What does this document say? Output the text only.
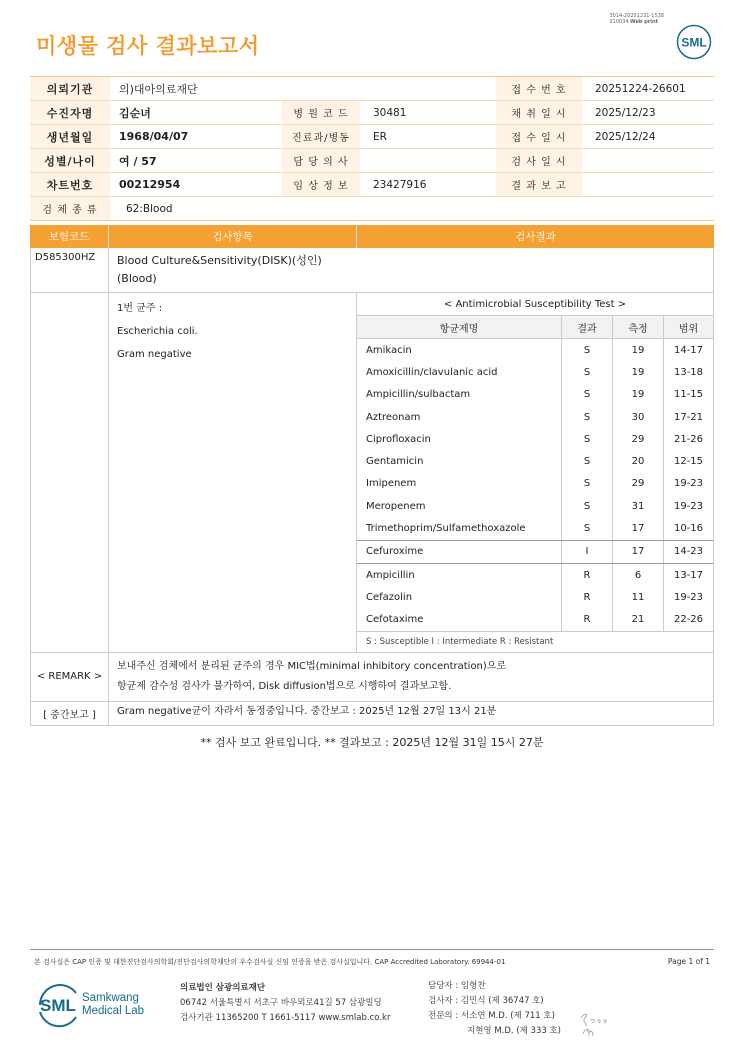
미생물 검사 결과보고서
3014-20251231-1538
210034 Web print
SML
의뢰기관	의)대아의료재단	접 수 번 호	20251224-26601
수진자명	김순녀	병 원 코 드	30481	채 취 일 시	2025/12/23
생년월일	1968/04/07	진료과/병동	ER	접 수 일 시	2025/12/24
성별/나이	여 / 57	담 당 의 사	검 사 일 시
차트번호	00212954	임 상 정 보	23427916	결 과 보 고
검 체 종 류	62:Blood
보험코드	검사항목	검사결과
D585300HZ	Blood Culture&Sensitivity(DISK)(성인)
(Blood)
1번 균주 :
Escherichia coli.
Gram negative
< Antimicrobial Susceptibility Test >
항균제명	결과	측정	범위
Amikacin	S	19	14-17
Amoxicillin/clavulanic acid	S	19	13-18
Ampicillin/sulbactam	S	19	11-15
Aztreonam	S	30	17-21
Ciprofloxacin	S	29	21-26
Gentamicin	S	20	12-15
Imipenem	S	29	19-23
Meropenem	S	31	19-23
Trimethoprim/Sulfamethoxazole	S	17	10-16
Cefuroxime	I	17	14-23
Ampicillin	R	6	13-17
Cefazolin	R	11	19-23
Cefotaxime	R	21	22-26
S : Susceptible I : Intermediate R : Resistant
< REMARK >
보내주신 검체에서 분리된 균주의 경우 MIC법(minimal inhibitory concentration)으로
항균제 감수성 검사가 불가하여, Disk diffusion법으로 시행하여 결과보고함.
[ 중간보고 ]	Gram negative균이 자라서 동정중입니다. 중간보고 : 2025년 12월 27일 13시 21분
** 검사 보고 완료입니다. ** 결과보고 : 2025년 12월 31일 15시 27분
본 검사실은 CAP 인증 및 대한진단검사의학회/진단검사의학재단의 우수검사실 신임 인증을 받은 검사실입니다. CAP Accredited Laboratory. 69944-01	Page 1 of 1
SML Samkwang
Medical Lab
의료법인 삼광의료재단
06742 서울특별시 서초구 바우뫼로41길 57 삼광빌딩
검사기관 11365200 T 1661-5117 www.smlab.co.kr
담당자 : 임형찬
검사자 : 김민식 (제 36747 호)
전문의 : 서소연 M.D. (제 711 호)
지현영 M.D. (제 333 호)
